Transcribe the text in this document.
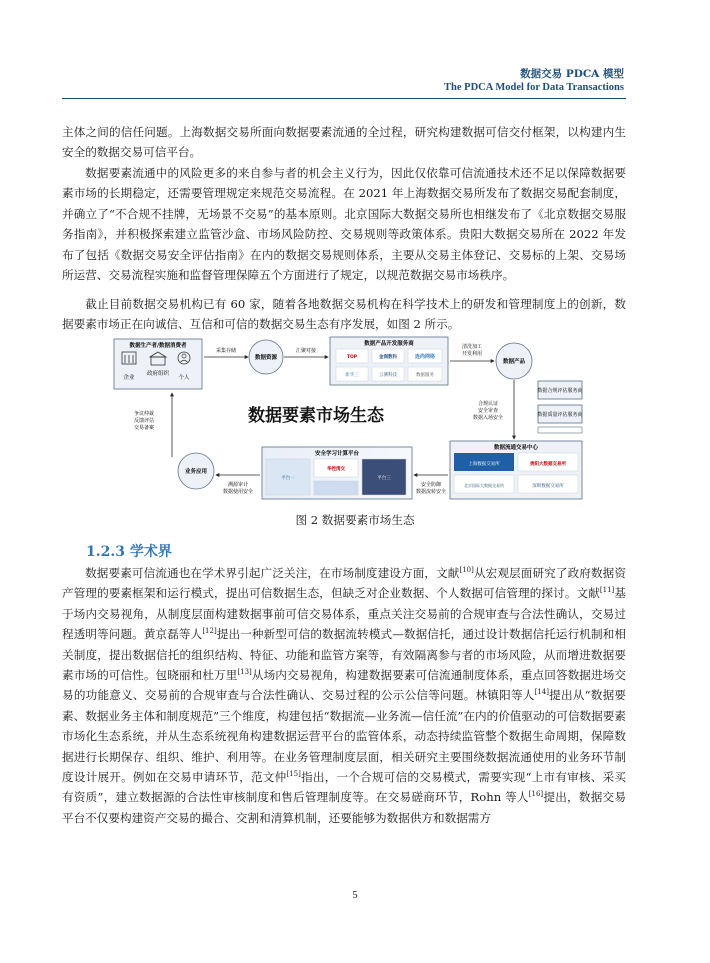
数据交易 PDCA 模型
The PDCA Model for Data Transactions

主体之间的信任问题。上海数据交易所面向数据要素流通的全过程，研究构建数据可信交付框架，以构建内生安全的数据交易可信平台。

数据要素流通中的风险更多的来自参与者的机会主义行为，因此仅依靠可信流通技术还不足以保障数据要素市场的长期稳定，还需要管理规定来规范交易流程。在 2021 年上海数据交易所发布了数据交易配套制度，并确立了“不合规不挂牌，无场景不交易”的基本原则。北京国际大数据交易所也相继发布了《北京数据交易服务指南》，并积极探索建立监管沙盒、市场风险防控、交易规则等政策体系。贵阳大数据交易所在 2022 年发布了包括《数据交易安全评估指南》在内的数据交易规则体系，主要从交易主体登记、交易标的上架、交易场所运营、交易流程实施和监督管理保障五个方面进行了规定，以规范数据交易市场秩序。

截止目前数据交易机构已有 60 家，随着各地数据交易机构在科学技术上的研发和管理制度上的创新，数据要素市场正在向诚信、互信和可信的数据交易生态有序发展，如图 2 所示。

数据生产者/数据消费者
企业
政府组织
个人
采集存储
数据资源
汇聚对接
数据产品开发服务商
TOP	金润数科	连尚网络
新华三	云测科技	数据服务
清洗加工
开发利用
数据产品
数据合规评估服务商
数据质量评估服务商
合规认证
安全审查
数据入场安全
数据要素市场生态
数据流通交易中心
上海数据交易所	贵阳大数据交易所
北京国际大数据交易所	深圳数据交易所
安全防御
数据流转安全
安全学习计算平台
平台一
华控清交
平台三
溯源审计
数据使用安全
业务应用
争议仲裁
反馈评估
交易备案
图 2 数据要素市场生态
1.2.3 学术界

数据要素可信流通也在学术界引起广泛关注，在市场制度建设方面，文献[10]从宏观层面研究了政府数据资产管理的要素框架和运行模式，提出可信数据生态，但缺乏对企业数据、个人数据可信管理的探讨。文献[11]基于场内交易视角，从制度层面构建数据事前可信交易体系，重点关注交易前的合规审查与合法性确认，交易过程透明等问题。黄京磊等人[12]提出一种新型可信的数据流转模式—数据信托，通过设计数据信托运行机制和相关制度，提出数据信托的组织结构、特征、功能和监管方案等，有效隔离参与者的市场风险，从而增进数据要素市场的可信性。包晓丽和杜万里[13]从场内交易视角，构建数据要素可信流通制度体系，重点回答数据进场交易的功能意义、交易前的合规审查与合法性确认、交易过程的公示公信等问题。林镇阳等人[14]提出从“数据要素、数据业务主体和制度规范”三个维度，构建包括“数据流—业务流—信任流”在内的价值驱动的可信数据要素市场化生态系统，并从生态系统视角构建数据运营平台的监管体系，动态持续监管整个数据生命周期，保障数据进行长期保存、组织、维护、利用等。在业务管理制度层面，相关研究主要围绕数据流通使用的业务环节制度设计展开。例如在交易申请环节，范文仲[15]指出，一个合规可信的交易模式，需要实现“上市有审核、采买有资质”，建立数据源的合法性审核制度和售后管理制度等。在交易磋商环节，Rohn 等人[16]提出，数据交易平台不仅要构建资产交易的撮合、交割和清算机制，还要能够为数据供方和数据需方

5
